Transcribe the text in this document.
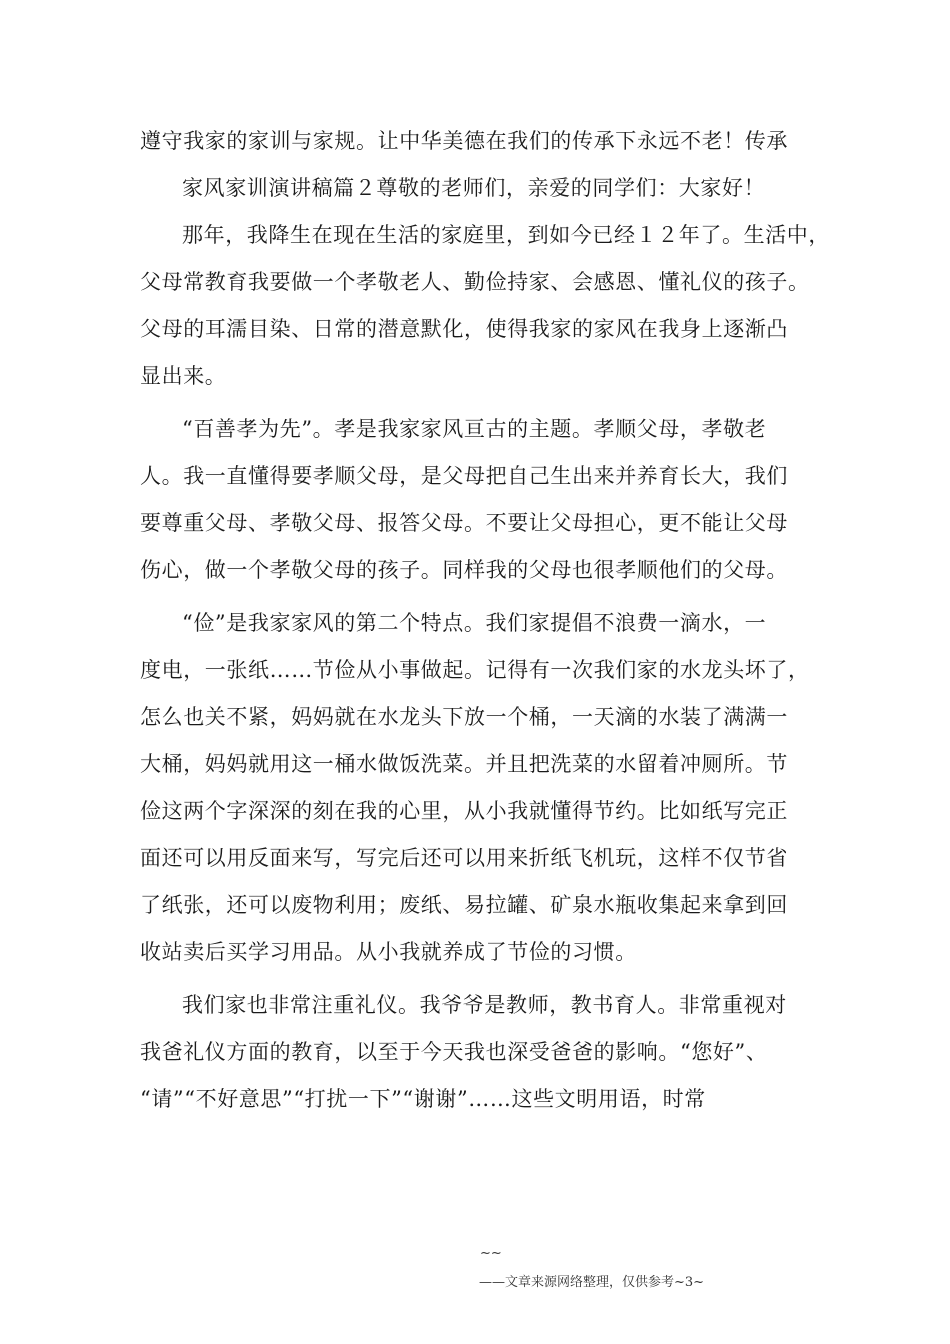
遵守我家的家训与家规。让中华美德在我们的传承下永远不老！传承
家风家训演讲稿篇２尊敬的老师们，亲爱的同学们：大家好！
那年，我降生在现在生活的家庭里，到如今已经１２年了。生活中，
父母常教育我要做一个孝敬老人、勤俭持家、会感恩、懂礼仪的孩子。
父母的耳濡目染、日常的潜意默化，使得我家的家风在我身上逐渐凸
显出来。
“百善孝为先”。孝是我家家风亘古的主题。孝顺父母，孝敬老
人。我一直懂得要孝顺父母，是父母把自己生出来并养育长大，我们
要尊重父母、孝敬父母、报答父母。不要让父母担心，更不能让父母
伤心，做一个孝敬父母的孩子。同样我的父母也很孝顺他们的父母。
“俭”是我家家风的第二个特点。我们家提倡不浪费一滴水，一
度电，一张纸……节俭从小事做起。记得有一次我们家的水龙头坏了，
怎么也关不紧，妈妈就在水龙头下放一个桶，一天滴的水装了满满一
大桶，妈妈就用这一桶水做饭洗菜。并且把洗菜的水留着冲厕所。节
俭这两个字深深的刻在我的心里，从小我就懂得节约。比如纸写完正
面还可以用反面来写，写完后还可以用来折纸飞机玩，这样不仅节省
了纸张，还可以废物利用；废纸、易拉罐、矿泉水瓶收集起来拿到回
收站卖后买学习用品。从小我就养成了节俭的习惯。
我们家也非常注重礼仪。我爷爷是教师，教书育人。非常重视对
我爸礼仪方面的教育，以至于今天我也深受爸爸的影响。“您好”、
“请”“不好意思”“打扰一下”“谢谢”……这些文明用语，时常
~~
——文章来源网络整理，仅供参考~3~
